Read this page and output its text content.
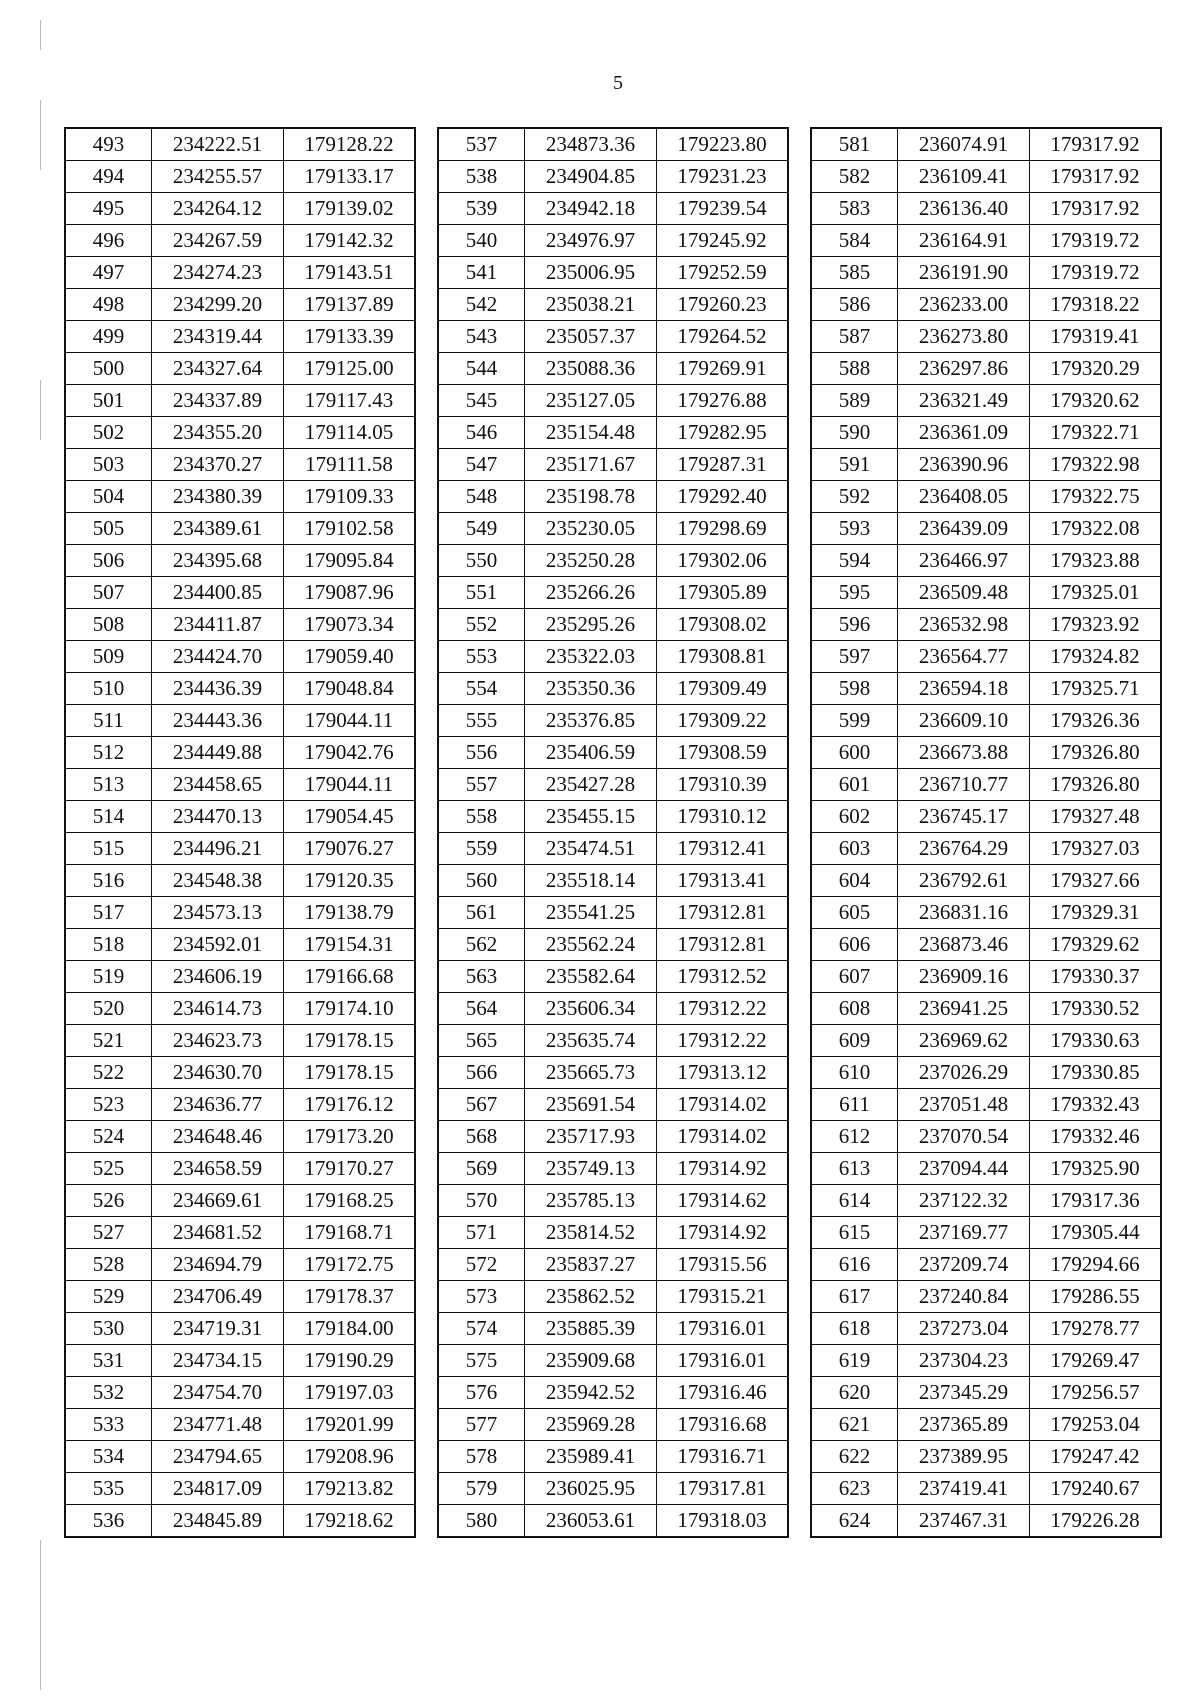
5
493	234222.51	179128.22
494	234255.57	179133.17
495	234264.12	179139.02
496	234267.59	179142.32
497	234274.23	179143.51
498	234299.20	179137.89
499	234319.44	179133.39
500	234327.64	179125.00
501	234337.89	179117.43
502	234355.20	179114.05
503	234370.27	179111.58
504	234380.39	179109.33
505	234389.61	179102.58
506	234395.68	179095.84
507	234400.85	179087.96
508	234411.87	179073.34
509	234424.70	179059.40
510	234436.39	179048.84
511	234443.36	179044.11
512	234449.88	179042.76
513	234458.65	179044.11
514	234470.13	179054.45
515	234496.21	179076.27
516	234548.38	179120.35
517	234573.13	179138.79
518	234592.01	179154.31
519	234606.19	179166.68
520	234614.73	179174.10
521	234623.73	179178.15
522	234630.70	179178.15
523	234636.77	179176.12
524	234648.46	179173.20
525	234658.59	179170.27
526	234669.61	179168.25
527	234681.52	179168.71
528	234694.79	179172.75
529	234706.49	179178.37
530	234719.31	179184.00
531	234734.15	179190.29
532	234754.70	179197.03
533	234771.48	179201.99
534	234794.65	179208.96
535	234817.09	179213.82
536	234845.89	179218.62
537	234873.36	179223.80
538	234904.85	179231.23
539	234942.18	179239.54
540	234976.97	179245.92
541	235006.95	179252.59
542	235038.21	179260.23
543	235057.37	179264.52
544	235088.36	179269.91
545	235127.05	179276.88
546	235154.48	179282.95
547	235171.67	179287.31
548	235198.78	179292.40
549	235230.05	179298.69
550	235250.28	179302.06
551	235266.26	179305.89
552	235295.26	179308.02
553	235322.03	179308.81
554	235350.36	179309.49
555	235376.85	179309.22
556	235406.59	179308.59
557	235427.28	179310.39
558	235455.15	179310.12
559	235474.51	179312.41
560	235518.14	179313.41
561	235541.25	179312.81
562	235562.24	179312.81
563	235582.64	179312.52
564	235606.34	179312.22
565	235635.74	179312.22
566	235665.73	179313.12
567	235691.54	179314.02
568	235717.93	179314.02
569	235749.13	179314.92
570	235785.13	179314.62
571	235814.52	179314.92
572	235837.27	179315.56
573	235862.52	179315.21
574	235885.39	179316.01
575	235909.68	179316.01
576	235942.52	179316.46
577	235969.28	179316.68
578	235989.41	179316.71
579	236025.95	179317.81
580	236053.61	179318.03
581	236074.91	179317.92
582	236109.41	179317.92
583	236136.40	179317.92
584	236164.91	179319.72
585	236191.90	179319.72
586	236233.00	179318.22
587	236273.80	179319.41
588	236297.86	179320.29
589	236321.49	179320.62
590	236361.09	179322.71
591	236390.96	179322.98
592	236408.05	179322.75
593	236439.09	179322.08
594	236466.97	179323.88
595	236509.48	179325.01
596	236532.98	179323.92
597	236564.77	179324.82
598	236594.18	179325.71
599	236609.10	179326.36
600	236673.88	179326.80
601	236710.77	179326.80
602	236745.17	179327.48
603	236764.29	179327.03
604	236792.61	179327.66
605	236831.16	179329.31
606	236873.46	179329.62
607	236909.16	179330.37
608	236941.25	179330.52
609	236969.62	179330.63
610	237026.29	179330.85
611	237051.48	179332.43
612	237070.54	179332.46
613	237094.44	179325.90
614	237122.32	179317.36
615	237169.77	179305.44
616	237209.74	179294.66
617	237240.84	179286.55
618	237273.04	179278.77
619	237304.23	179269.47
620	237345.29	179256.57
621	237365.89	179253.04
622	237389.95	179247.42
623	237419.41	179240.67
624	237467.31	179226.28
